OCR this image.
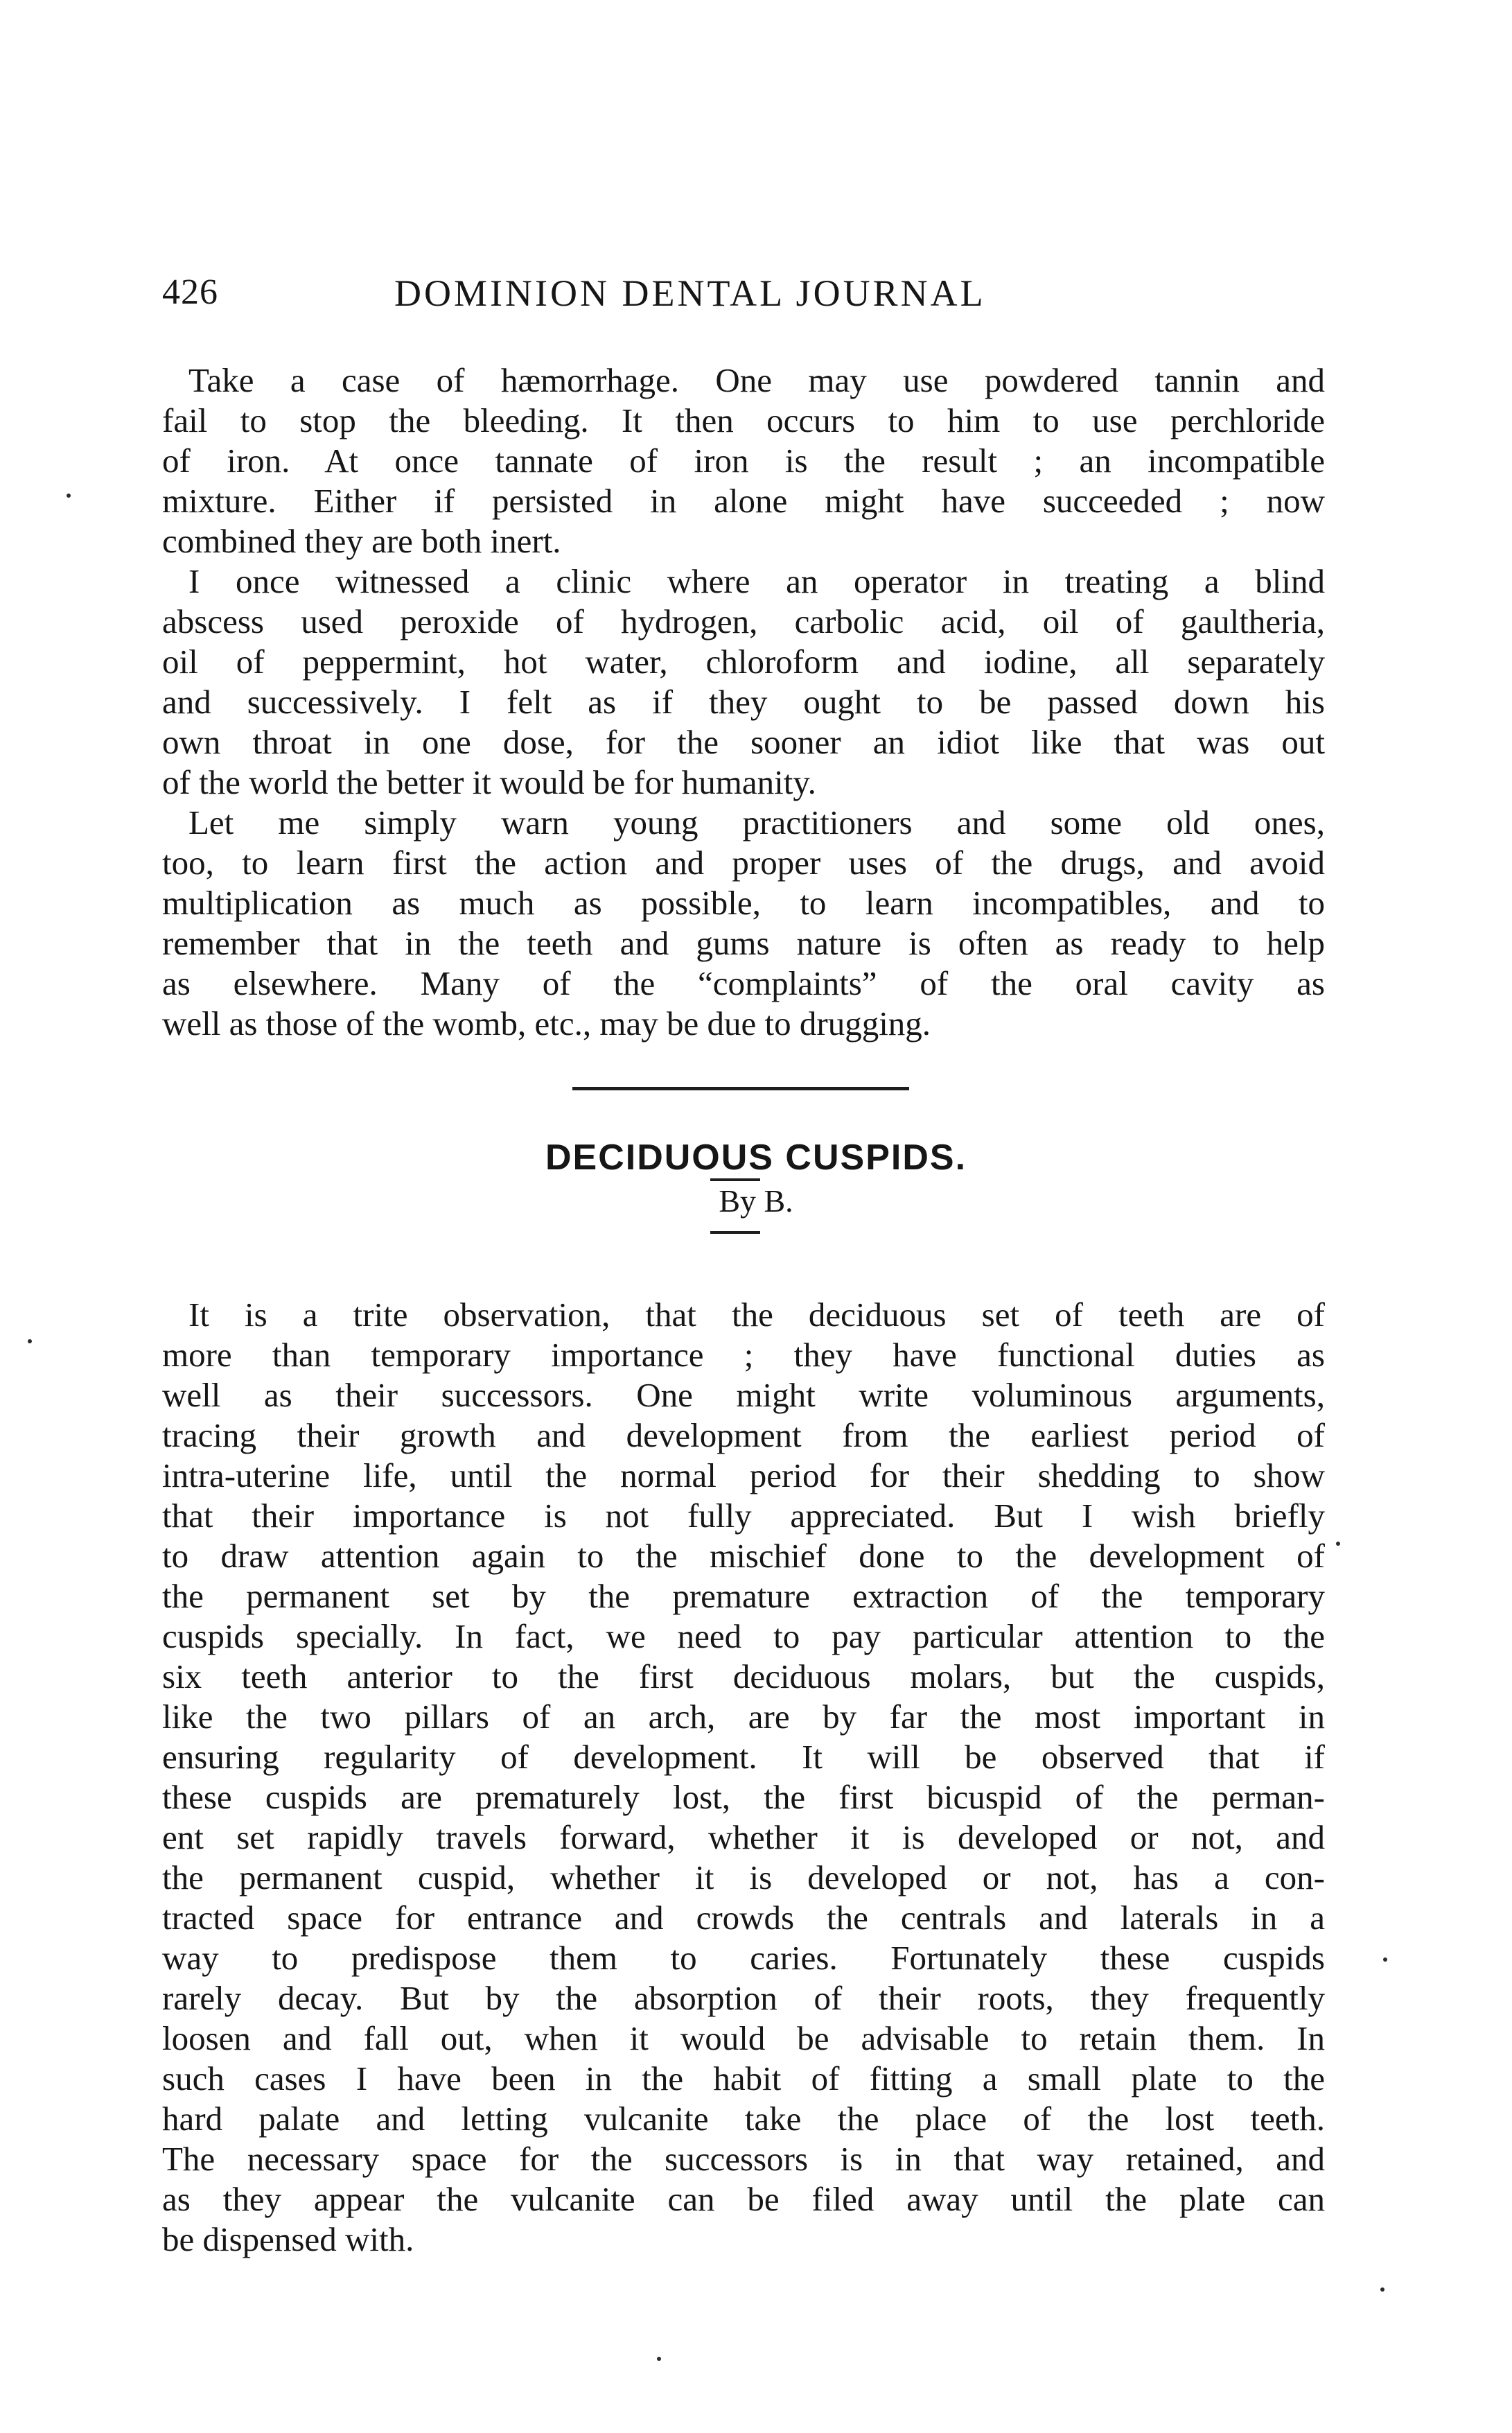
426	DOMINION DENTAL JOURNAL
Take a case of hæmorrhage. One may use powdered tannin and
fail to stop the bleeding. It then occurs to him to use perchloride
of iron. At once tannate of iron is the result ; an incompatible
mixture. Either if persisted in alone might have succeeded ; now
combined they are both inert.
I once witnessed a clinic where an operator in treating a blind
abscess used peroxide of hydrogen, carbolic acid, oil of gaultheria,
oil of peppermint, hot water, chloroform and iodine, all separately
and successively. I felt as if they ought to be passed down his
own throat in one dose, for the sooner an idiot like that was out
of the world the better it would be for humanity.
Let me simply warn young practitioners and some old ones,
too, to learn first the action and proper uses of the drugs, and avoid
multiplication as much as possible, to learn incompatibles, and to
remember that in the teeth and gums nature is often as ready to help
as elsewhere. Many of the “complaints” of the oral cavity as
well as those of the womb, etc., may be due to drugging.
DECIDUOUS CUSPIDS.
By B.
It is a trite observation, that the deciduous set of teeth are of
more than temporary importance ; they have functional duties as
well as their successors. One might write voluminous arguments,
tracing their growth and development from the earliest period of
intra-uterine life, until the normal period for their shedding to show
that their importance is not fully appreciated. But I wish briefly
to draw attention again to the mischief done to the development of
the permanent set by the premature extraction of the temporary
cuspids specially. In fact, we need to pay particular attention to the
six teeth anterior to the first deciduous molars, but the cuspids,
like the two pillars of an arch, are by far the most important in
ensuring regularity of development. It will be observed that if
these cuspids are prematurely lost, the first bicuspid of the perman-
ent set rapidly travels forward, whether it is developed or not, and
the permanent cuspid, whether it is developed or not, has a con-
tracted space for entrance and crowds the centrals and laterals in a
way to predispose them to caries. Fortunately these cuspids
rarely decay. But by the absorption of their roots, they frequently
loosen and fall out, when it would be advisable to retain them. In
such cases I have been in the habit of fitting a small plate to the
hard palate and letting vulcanite take the place of the lost teeth.
The necessary space for the successors is in that way retained, and
as they appear the vulcanite can be filed away until the plate can
be dispensed with.
